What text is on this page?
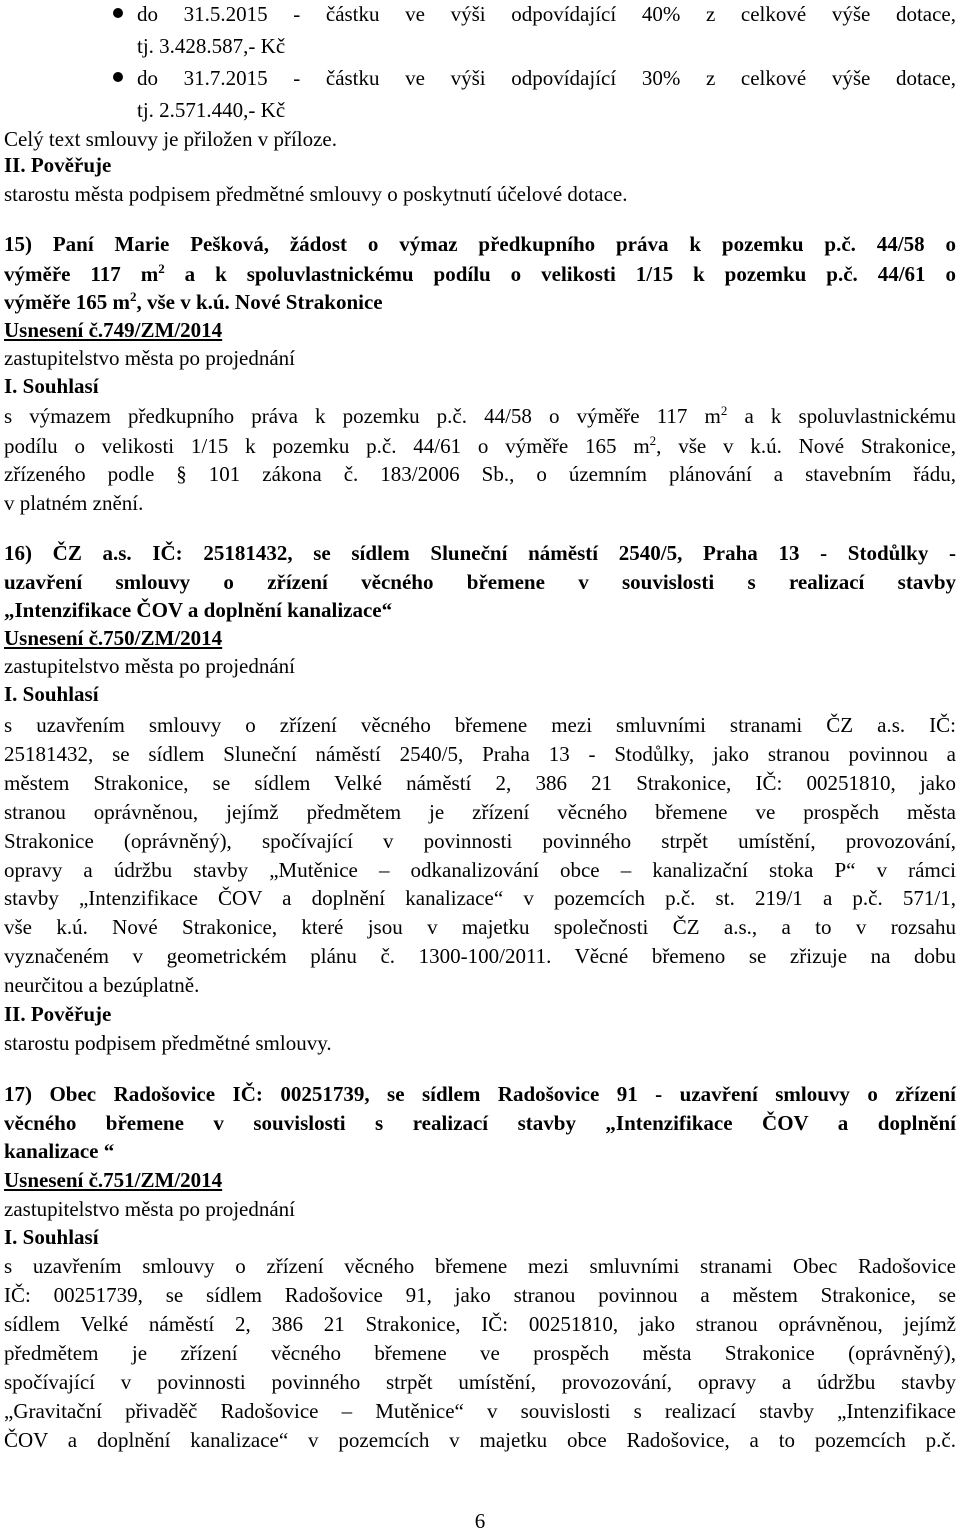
do 31.5.2015 - částku ve výši odpovídající 40% z celkové výše dotace,
tj. 3.428.587,- Kč
do 31.7.2015 - částku ve výši odpovídající 30% z celkové výše dotace,
tj. 2.571.440,- Kč
Celý text smlouvy je přiložen v příloze.
II. Pověřuje
starostu města podpisem předmětné smlouvy o poskytnutí účelové dotace.
15) Paní Marie Pešková, žádost o výmaz předkupního práva k pozemku p.č. 44/58 o
výměře 117 $m^2$ a k spoluvlastnickému podílu o velikosti 1/15 k pozemku p.č. 44/61 o
výměře 165 $m^2$, vše v k.ú. Nové Strakonice
Usnesení č.749/ZM/2014
zastupitelstvo města po projednání
I. Souhlasí
s výmazem předkupního práva k pozemku p.č. 44/58 o výměře 117 $m^2$ a k spoluvlastnickému
podílu o velikosti 1/15 k pozemku p.č. 44/61 o výměře 165 $m^2$, vše v k.ú. Nové Strakonice,
zřízeného podle § 101 zákona č. 183/2006 Sb., o územním plánování a stavebním řádu,
v platném znění.
16) ČZ a.s. IČ: 25181432, se sídlem Sluneční náměstí 2540/5, Praha 13 - Stodůlky -
uzavření smlouvy o zřízení věcného břemene v souvislosti s realizací stavby
„Intenzifikace ČOV a doplnění kanalizace“
Usnesení č.750/ZM/2014
zastupitelstvo města po projednání
I. Souhlasí
s uzavřením smlouvy o zřízení věcného břemene mezi smluvními stranami ČZ a.s. IČ:
25181432, se sídlem Sluneční náměstí 2540/5, Praha 13 - Stodůlky, jako stranou povinnou a
městem Strakonice, se sídlem Velké náměstí 2, 386 21 Strakonice, IČ: 00251810, jako
stranou oprávněnou, jejímž předmětem je zřízení věcného břemene ve prospěch města
Strakonice (oprávněný), spočívající v povinnosti povinného strpět umístění, provozování,
opravy a údržbu stavby „Mutěnice – odkanalizování obce – kanalizační stoka P“ v rámci
stavby „Intenzifikace ČOV a doplnění kanalizace“ v pozemcích p.č. st. 219/1 a p.č. 571/1,
vše k.ú. Nové Strakonice, které jsou v majetku společnosti ČZ a.s., a to v rozsahu
vyznačeném v geometrickém plánu č. 1300-100/2011. Věcné břemeno se zřizuje na dobu
neurčitou a bezúplatně.
II. Pověřuje
starostu podpisem předmětné smlouvy.
17) Obec Radošovice IČ: 00251739, se sídlem Radošovice 91 - uzavření smlouvy o zřízení
věcného břemene v souvislosti s realizací stavby „Intenzifikace ČOV a doplnění
kanalizace “
Usnesení č.751/ZM/2014
zastupitelstvo města po projednání
I. Souhlasí
s uzavřením smlouvy o zřízení věcného břemene mezi smluvními stranami Obec Radošovice
IČ: 00251739, se sídlem Radošovice 91, jako stranou povinnou a městem Strakonice, se
sídlem Velké náměstí 2, 386 21 Strakonice, IČ: 00251810, jako stranou oprávněnou, jejímž
předmětem je zřízení věcného břemene ve prospěch města Strakonice (oprávněný),
spočívající v povinnosti povinného strpět umístění, provozování, opravy a údržbu stavby
„Gravitační přivaděč Radošovice – Mutěnice“ v souvislosti s realizací stavby „Intenzifikace
ČOV a doplnění kanalizace“ v pozemcích v majetku obce Radošovice, a to pozemcích p.č.
6
